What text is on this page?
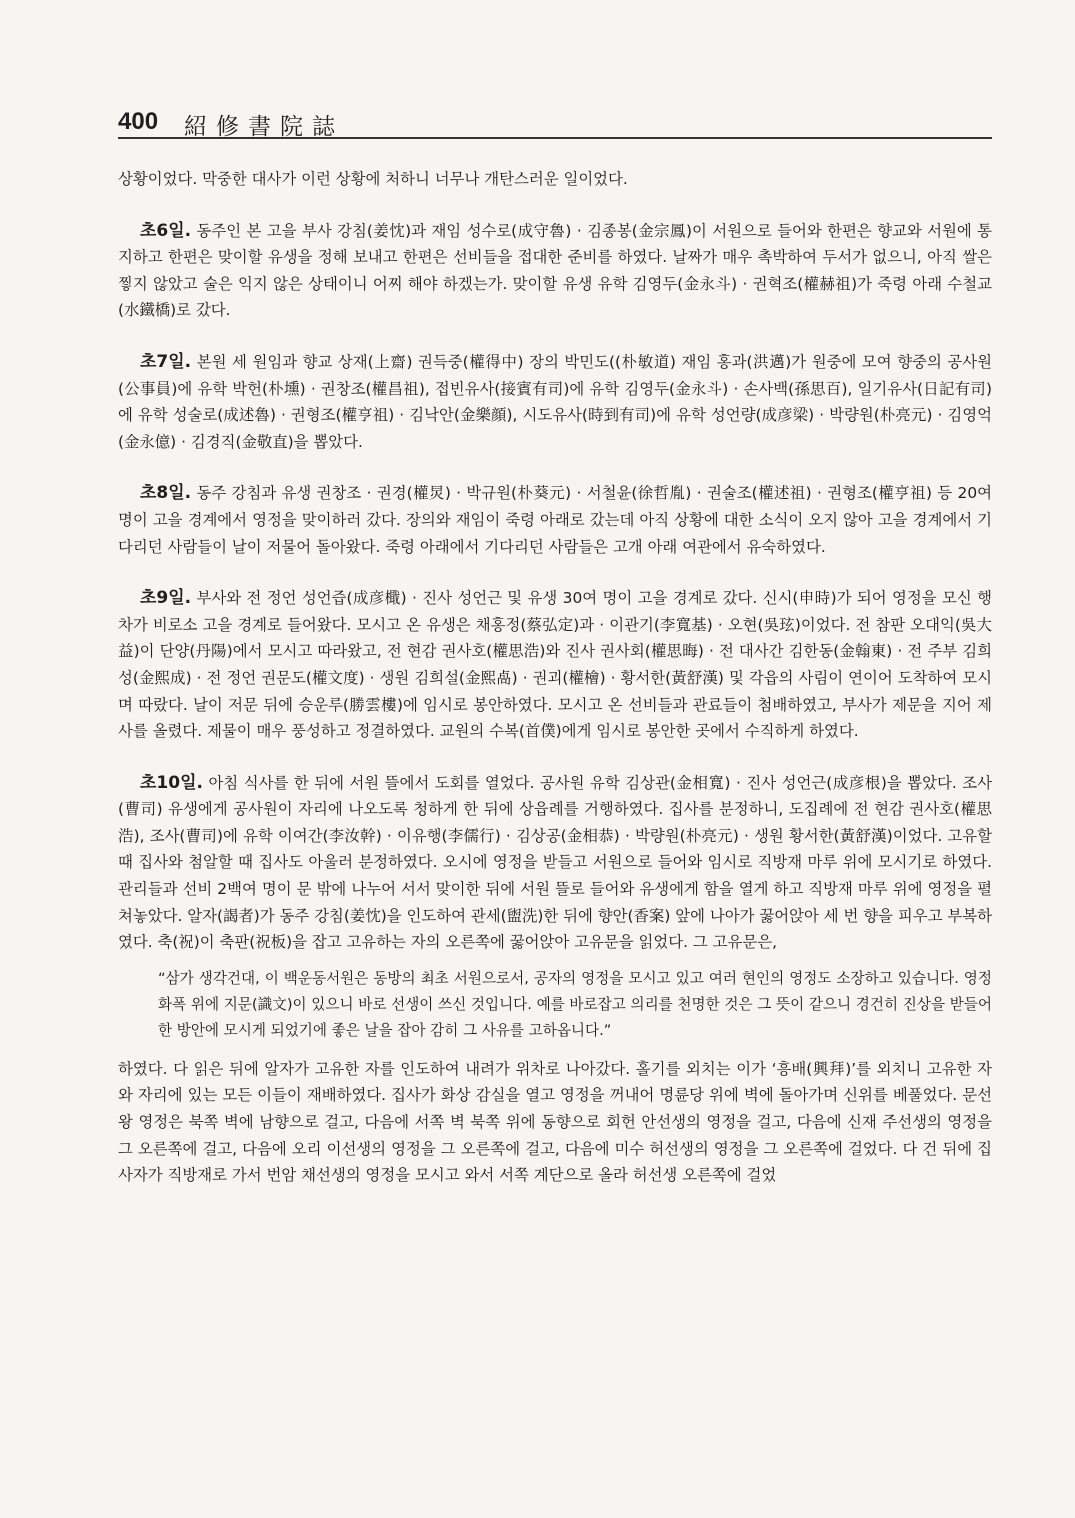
400 紹修書院誌

상황이었다. 막중한 대사가 이런 상황에 처하니 너무나 개탄스러운 일이었다.

초6일. 동주인 본 고을 부사 강침(姜忱)과 재임 성수로(成守魯) · 김종봉(金宗鳳)이 서원으로 들어와 한편은 향교와 서원에 통지하고 한편은 맞이할 유생을 정해 보내고 한편은 선비들을 접대한 준비를 하였다. 날짜가 매우 촉박하여 두서가 없으니, 아직 쌀은 찧지 않았고 술은 익지 않은 상태이니 어찌 해야 하겠는가. 맞이할 유생 유학 김영두(金永斗) · 권혁조(權赫祖)가 죽령 아래 수철교(水鐵橋)로 갔다.

초7일. 본원 세 원임과 향교 상재(上齋) 권득중(權得中) 장의 박민도((朴敏道) 재임 홍과(洪邁)가 원중에 모여 향중의 공사원(公事員)에 유학 박헌(朴壎) · 권창조(權昌祖), 접빈유사(接賓有司)에 유학 김영두(金永斗) · 손사백(孫思百), 일기유사(日記有司)에 유학 성술로(成述魯) · 권형조(權亨祖) · 김낙안(金樂顔), 시도유사(時到有司)에 유학 성언량(成彦梁) · 박량원(朴亮元) · 김영억(金永億) · 김경직(金敬直)을 뽑았다.

초8일. 동주 강침과 유생 권창조 · 권경(權炅) · 박규원(朴葵元) · 서철윤(徐哲胤) · 권술조(權述祖) · 권형조(權亨祖) 등 20여 명이 고을 경계에서 영정을 맞이하러 갔다. 장의와 재임이 죽령 아래로 갔는데 아직 상황에 대한 소식이 오지 않아 고을 경계에서 기다리던 사람들이 날이 저물어 돌아왔다. 죽령 아래에서 기다리던 사람들은 고개 아래 여관에서 유숙하였다.

초9일. 부사와 전 정언 성언즙(成彦檝) · 진사 성언근 및 유생 30여 명이 고을 경계로 갔다. 신시(申時)가 되어 영정을 모신 행차가 비로소 고을 경계로 들어왔다. 모시고 온 유생은 채홍정(蔡弘定)과 · 이관기(李寬基) · 오현(吳玹)이었다. 전 참판 오대익(吳大益)이 단양(丹陽)에서 모시고 따라왔고, 전 현감 권사호(權思浩)와 진사 권사회(權思晦) · 전 대사간 김한동(金翰東) · 전 주부 김희성(金熙成) · 전 정언 권문도(權文度) · 생원 김희설(金熙卨) · 권괴(權檜) · 황서한(黃舒漢) 및 각읍의 사림이 연이어 도착하여 모시며 따랐다. 날이 저문 뒤에 승운루(勝雲樓)에 임시로 봉안하였다. 모시고 온 선비들과 관료들이 첨배하였고, 부사가 제문을 지어 제사를 올렸다. 제물이 매우 풍성하고 정결하였다. 교원의 수복(首僕)에게 임시로 봉안한 곳에서 수직하게 하였다.

초10일. 아침 식사를 한 뒤에 서원 뜰에서 도회를 열었다. 공사원 유학 김상관(金相寬) · 진사 성언근(成彦根)을 뽑았다. 조사(曹司) 유생에게 공사원이 자리에 나오도록 청하게 한 뒤에 상읍례를 거행하였다. 집사를 분정하니, 도집례에 전 현감 권사호(權思浩), 조사(曹司)에 유학 이여간(李汝幹) · 이유행(李儒行) · 김상공(金相恭) · 박량원(朴亮元) · 생원 황서한(黃舒漢)이었다. 고유할 때 집사와 첨알할 때 집사도 아울러 분정하였다. 오시에 영정을 받들고 서원으로 들어와 임시로 직방재 마루 위에 모시기로 하였다. 관리들과 선비 2백여 명이 문 밖에 나누어 서서 맞이한 뒤에 서원 뜰로 들어와 유생에게 함을 열게 하고 직방재 마루 위에 영정을 펼쳐놓았다. 알자(謁者)가 동주 강침(姜忱)을 인도하여 관세(盥洗)한 뒤에 향안(香案) 앞에 나아가 꿇어앉아 세 번 향을 피우고 부복하였다. 축(祝)이 축판(祝板)을 잡고 고유하는 자의 오른쪽에 꿇어앉아 고유문을 읽었다. 그 고유문은,

“삼가 생각건대, 이 백운동서원은 동방의 최초 서원으로서, 공자의 영정을 모시고 있고 여러 현인의 영정도 소장하고 있습니다. 영정 화폭 위에 지문(識文)이 있으니 바로 선생이 쓰신 것입니다. 예를 바로잡고 의리를 천명한 것은 그 뜻이 같으니 경건히 진상을 받들어 한 방안에 모시게 되었기에 좋은 날을 잡아 감히 그 사유를 고하옵니다.”

하였다. 다 읽은 뒤에 알자가 고유한 자를 인도하여 내려가 위차로 나아갔다. 홀기를 외치는 이가 ‘흥배(興拜)’를 외치니 고유한 자와 자리에 있는 모든 이들이 재배하였다. 집사가 화상 감실을 열고 영정을 꺼내어 명륜당 위에 벽에 돌아가며 신위를 베풀었다. 문선왕 영정은 북쪽 벽에 남향으로 걸고, 다음에 서쪽 벽 북쪽 위에 동향으로 회헌 안선생의 영정을 걸고, 다음에 신재 주선생의 영정을 그 오른쪽에 걸고, 다음에 오리 이선생의 영정을 그 오른쪽에 걸고, 다음에 미수 허선생의 영정을 그 오른쪽에 걸었다. 다 건 뒤에 집사자가 직방재로 가서 번암 채선생의 영정을 모시고 와서 서쪽 계단으로 올라 허선생 오른쪽에 걸었
